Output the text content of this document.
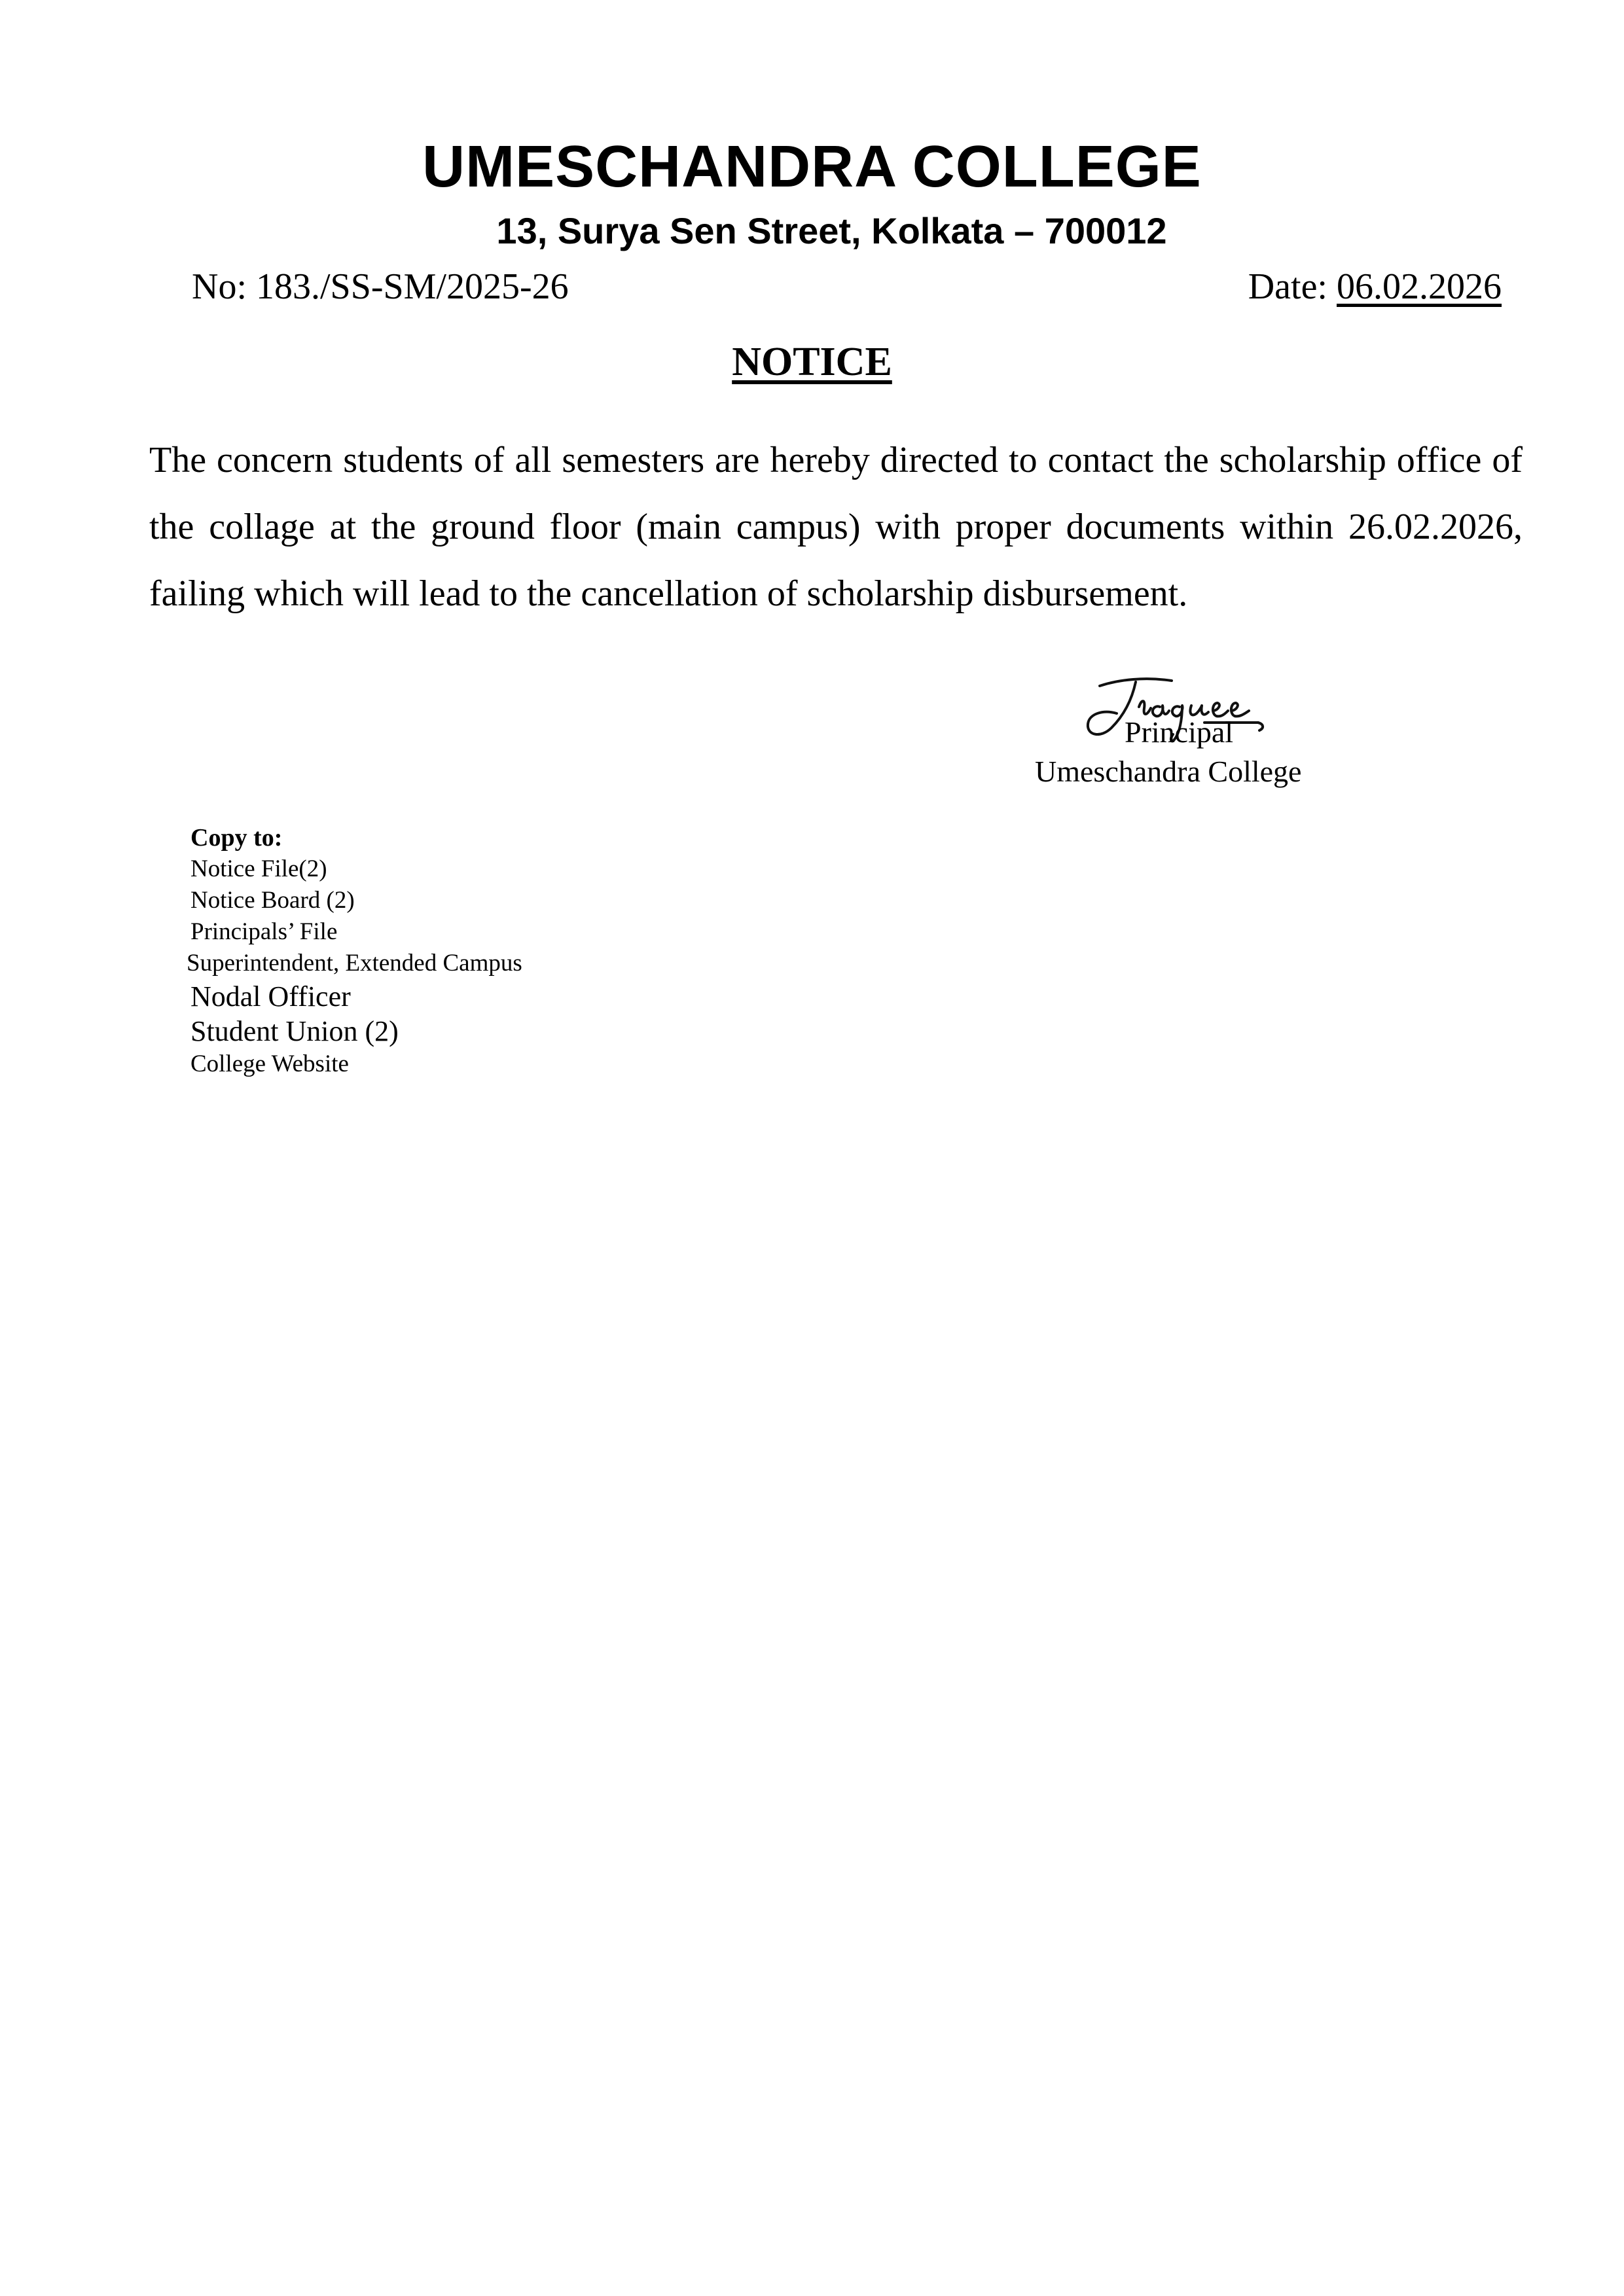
UMESCHANDRA COLLEGE
13, Surya Sen Street, Kolkata – 700012
No: 183./SS-SM/2025-26	Date: 06.02.2026
NOTICE

The concern students of all semesters are hereby directed to contact the scholarship office of the collage at the ground floor (main campus) with proper documents within 26.02.2026, failing which will lead to the cancellation of scholarship disbursement.

Principal
Umeschandra College
Copy to:
Notice File(2)
Notice Board (2)
Principals’ File
Superintendent, Extended Campus
Nodal Officer
Student Union (2)
College Website
